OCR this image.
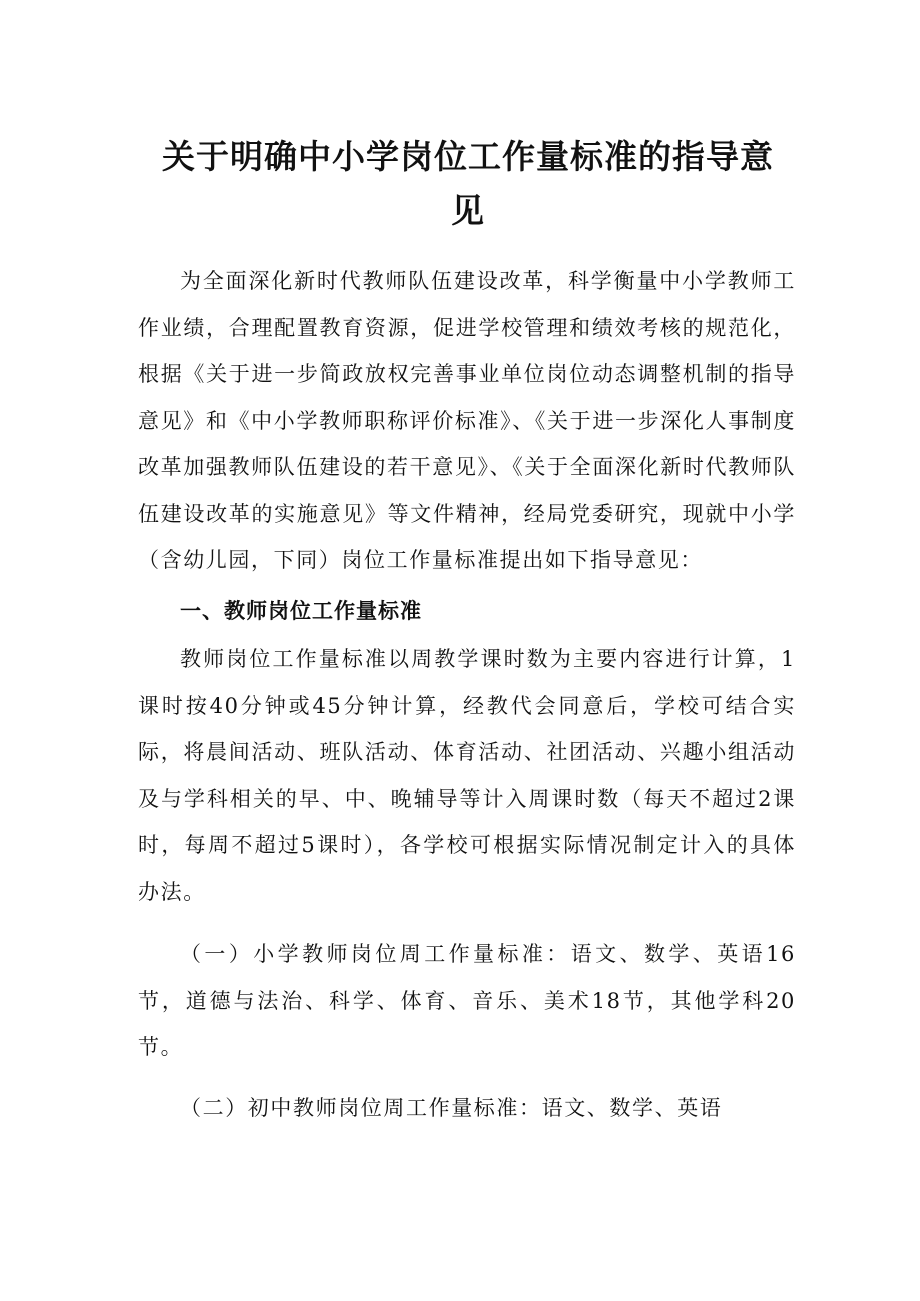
关于明确中小学岗位工作量标准的指导意
见

为全面深化新时代教师队伍建设改革，科学衡量中小学教师工作业绩，合理配置教育资源，促进学校管理和绩效考核的规范化，根据《关于进一步简政放权完善事业单位岗位动态调整机制的指导意见》和《中小学教师职称评价标准》、《关于进一步深化人事制度改革加强教师队伍建设的若干意见》、《关于全面深化新时代教师队伍建设改革的实施意见》等文件精神，经局党委研究，现就中小学（含幼儿园，下同）岗位工作量标准提出如下指导意见：

一、教师岗位工作量标准

教师岗位工作量标准以周教学课时数为主要内容进行计算，1课时按40分钟或45分钟计算，经教代会同意后，学校可结合实际，将晨间活动、班队活动、体育活动、社团活动、兴趣小组活动及与学科相关的早、中、晚辅导等计入周课时数（每天不超过2课时，每周不超过5课时），各学校可根据实际情况制定计入的具体办法。

（一）小学教师岗位周工作量标准：语文、数学、英语16节，道德与法治、科学、体育、音乐、美术18节，其他学科20节。

（二）初中教师岗位周工作量标准：语文、数学、英语
